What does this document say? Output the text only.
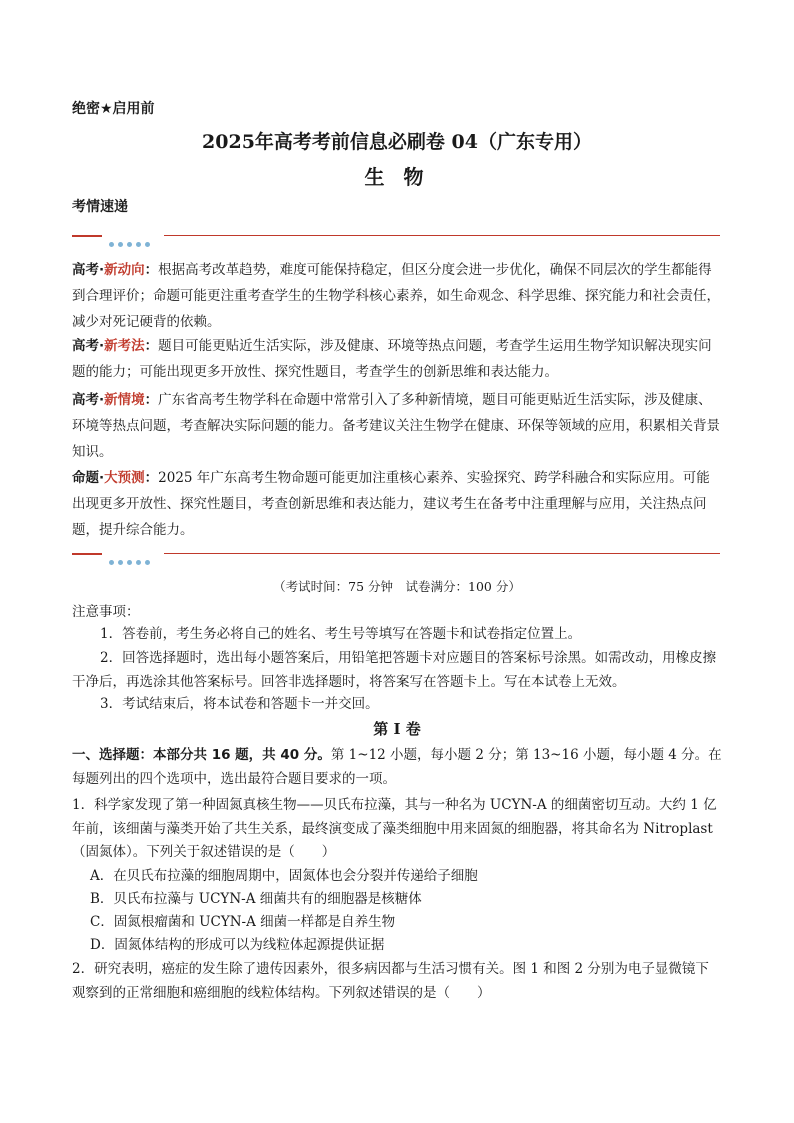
绝密★启用前
2025年高考考前信息必刷卷 04（广东专用）
生 物
考情速递
高考·新动向：根据高考改革趋势，难度可能保持稳定，但区分度会进一步优化，确保不同层次的学生都能得到合理评价；命题可能更注重考查学生的生物学科核心素养，如生命观念、科学思维、探究能力和社会责任，减少对死记硬背的依赖。
高考·新考法：题目可能更贴近生活实际，涉及健康、环境等热点问题，考查学生运用生物学知识解决现实问题的能力；可能出现更多开放性、探究性题目，考查学生的创新思维和表达能力。
高考·新情境：广东省高考生物学科在命题中常常引入了多种新情境，题目可能更贴近生活实际，涉及健康、环境等热点问题，考查解决实际问题的能力。备考建议关注生物学在健康、环保等领域的应用，积累相关背景知识。
命题·大预测：2025 年广东高考生物命题可能更加注重核心素养、实验探究、跨学科融合和实际应用。可能出现更多开放性、探究性题目，考查创新思维和表达能力，建议考生在备考中注重理解与应用，关注热点问题，提升综合能力。
（考试时间：75 分钟　试卷满分：100 分）
注意事项：
1．答卷前，考生务必将自己的姓名、考生号等填写在答题卡和试卷指定位置上。
2．回答选择题时，选出每小题答案后，用铅笔把答题卡对应题目的答案标号涂黑。如需改动，用橡皮擦干净后，再选涂其他答案标号。回答非选择题时，将答案写在答题卡上。写在本试卷上无效。
3．考试结束后，将本试卷和答题卡一并交回。
第 I 卷
一、选择题：本部分共 16 题，共 40 分。第 1~12 小题，每小题 2 分；第 13~16 小题，每小题 4 分。在每题列出的四个选项中，选出最符合题目要求的一项。
1．科学家发现了第一种固氮真核生物——贝氏布拉藻，其与一种名为 UCYN-A 的细菌密切互动。大约 1 亿年前，该细菌与藻类开始了共生关系，最终演变成了藻类细胞中用来固氮的细胞器，将其命名为 Nitroplast（固氮体）。下列关于叙述错误的是（　　）
A．在贝氏布拉藻的细胞周期中，固氮体也会分裂并传递给子细胞
B．贝氏布拉藻与 UCYN-A 细菌共有的细胞器是核糖体
C．固氮根瘤菌和 UCYN-A 细菌一样都是自养生物
D．固氮体结构的形成可以为线粒体起源提供证据
2．研究表明，癌症的发生除了遗传因素外，很多病因都与生活习惯有关。图 1 和图 2 分别为电子显微镜下观察到的正常细胞和癌细胞的线粒体结构。下列叙述错误的是（　　）
